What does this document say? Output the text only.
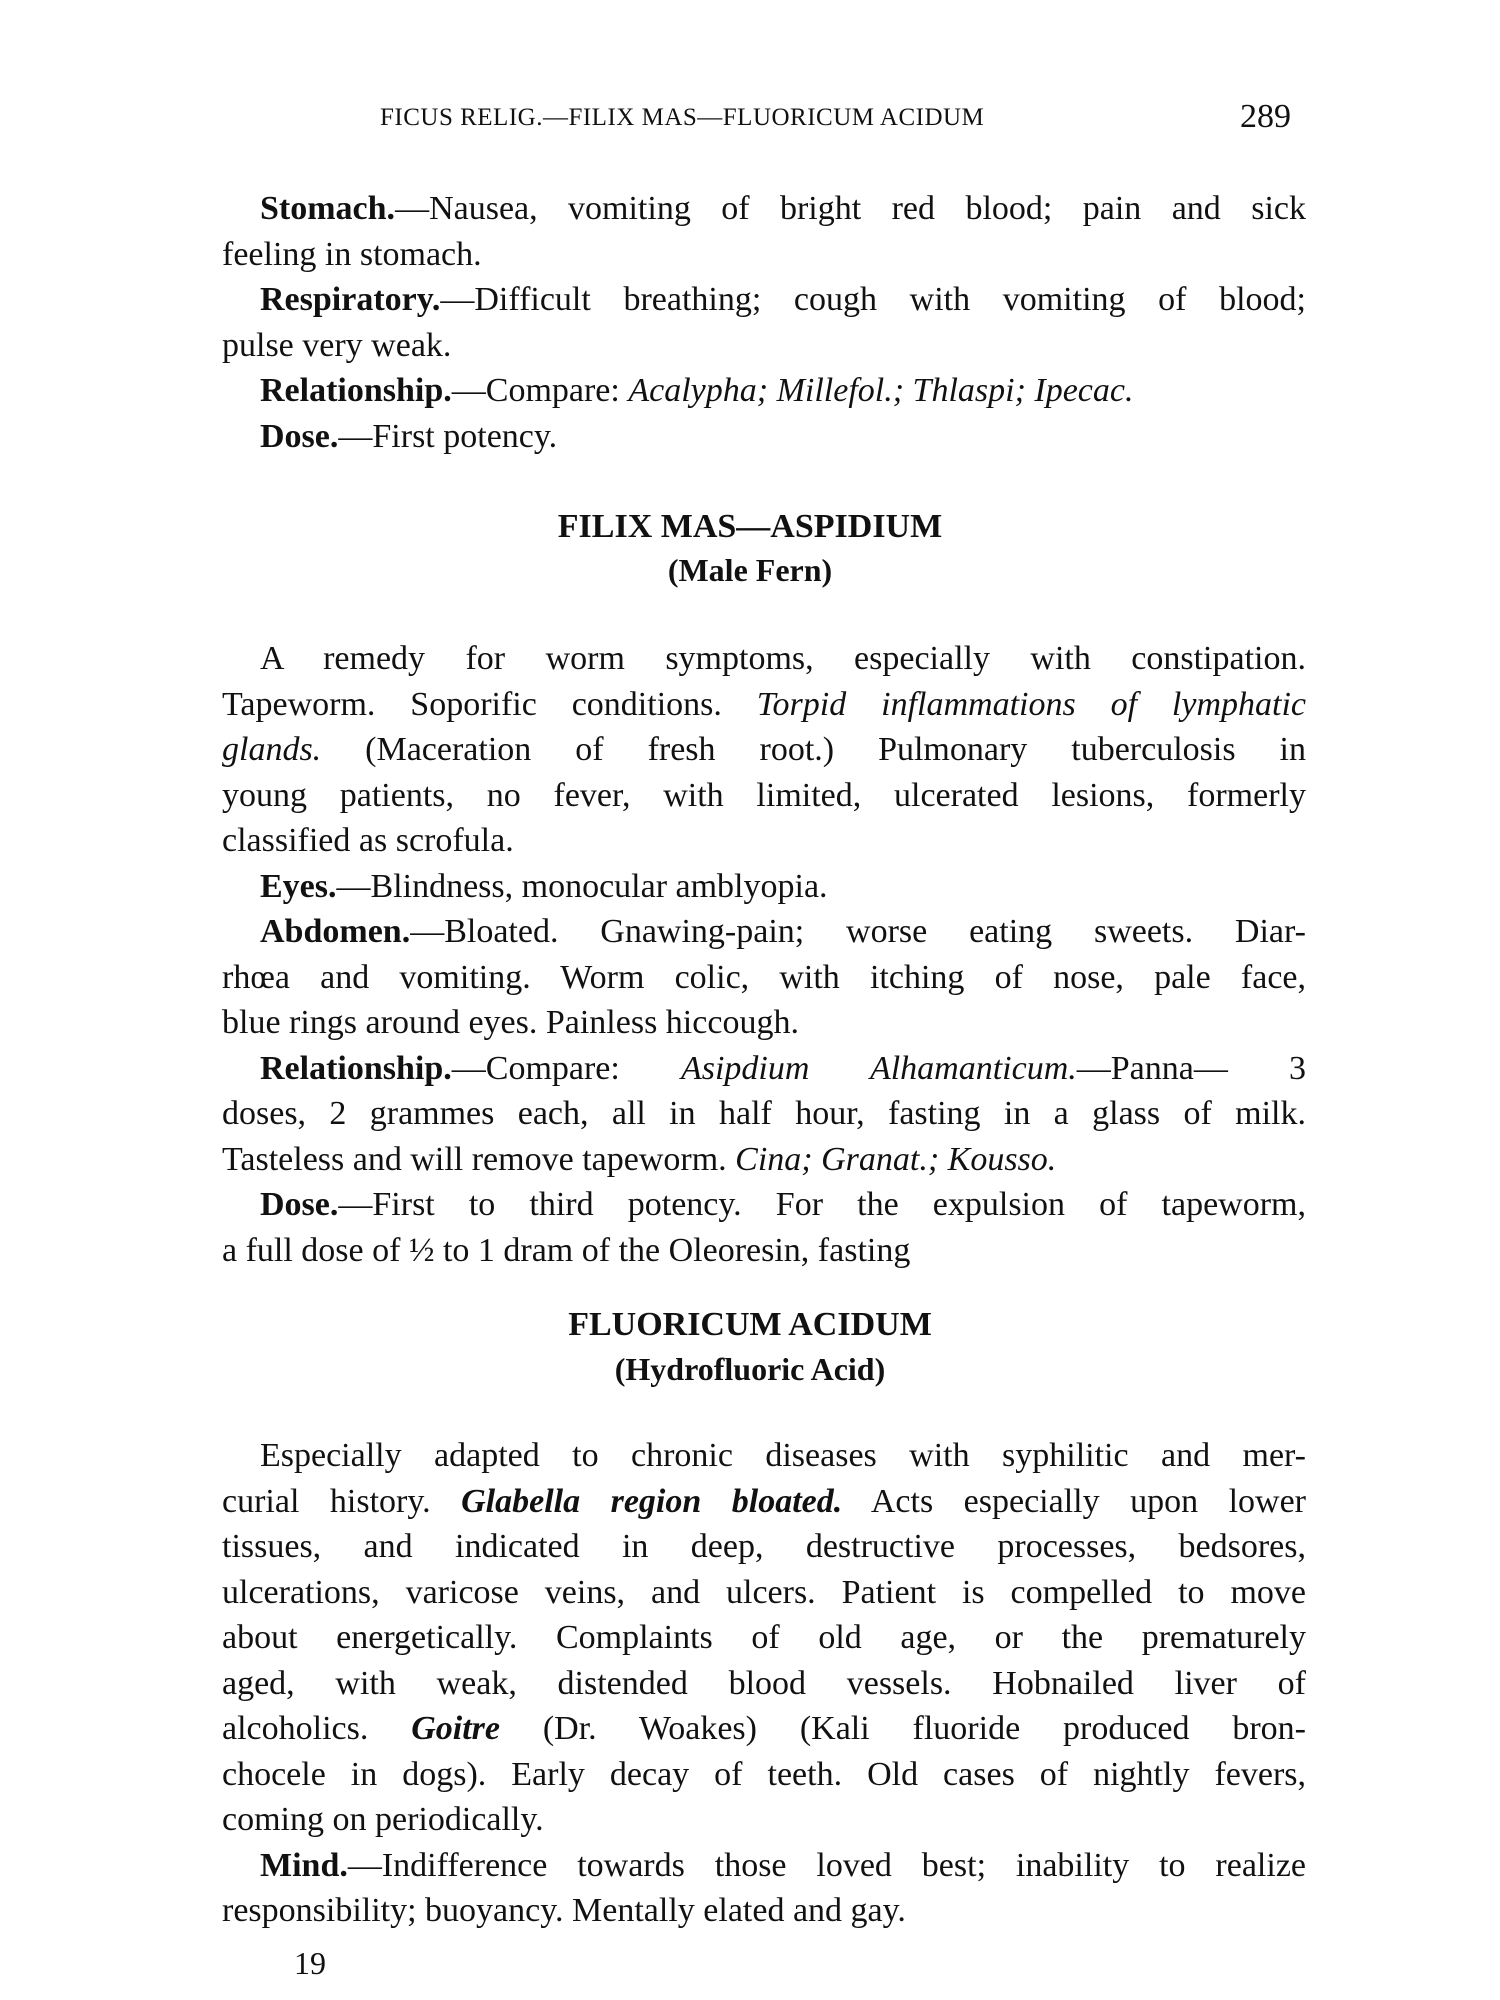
FICUS RELIG.—FILIX MAS—FLUORICUM ACIDUM	289
Stomach.—Nausea, vomiting of bright red blood; pain and sick
feeling in stomach.
Respiratory.—Difficult breathing; cough with vomiting of blood;
pulse very weak.
Relationship.—Compare: Acalypha; Millefol.; Thlaspi; Ipecac.
Dose.—First potency.
FILIX MAS—ASPIDIUM
(Male Fern)
A remedy for worm symptoms, especially with constipation.
Tapeworm. Soporific conditions. Torpid inflammations of lymphatic
glands. (Maceration of fresh root.) Pulmonary tuberculosis in
young patients, no fever, with limited, ulcerated lesions, formerly
classified as scrofula.
Eyes.—Blindness, monocular amblyopia.
Abdomen.—Bloated. Gnawing-pain; worse eating sweets. Diar-
rhœa and vomiting. Worm colic, with itching of nose, pale face,
blue rings around eyes. Painless hiccough.
Relationship.—Compare: Asipdium Alhamanticum.—Panna— 3
doses, 2 grammes each, all in half hour, fasting in a glass of milk.
Tasteless and will remove tapeworm. Cina; Granat.; Kousso.
Dose.—First to third potency. For the expulsion of tapeworm,
a full dose of ½ to 1 dram of the Oleoresin, fasting
FLUORICUM ACIDUM
(Hydrofluoric Acid)
Especially adapted to chronic diseases with syphilitic and mer-
curial history. Glabella region bloated. Acts especially upon lower
tissues, and indicated in deep, destructive processes, bedsores,
ulcerations, varicose veins, and ulcers. Patient is compelled to move
about energetically. Complaints of old age, or the prematurely
aged, with weak, distended blood vessels. Hobnailed liver of
alcoholics. Goitre (Dr. Woakes) (Kali fluoride produced bron-
chocele in dogs). Early decay of teeth. Old cases of nightly fevers,
coming on periodically.
Mind.—Indifference towards those loved best; inability to realize
responsibility; buoyancy. Mentally elated and gay.
19
